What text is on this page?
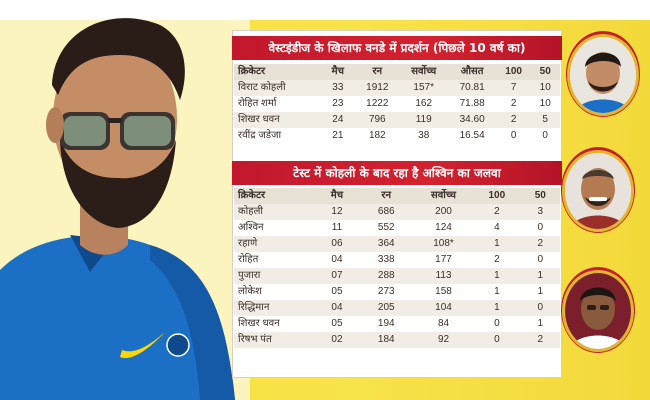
वेस्टइंडीज के खिलाफ वनडे में प्रदर्शन (पिछले 10 वर्ष का)
क्रिकेटर	मैच	रन	सर्वोच्च	औसत	100	50
विराट कोहली	33	1912	157*	70.81	7	10
रोहित शर्मा	23	1222	162	71.88	2	10
शिखर धवन	24	796	119	34.60	2	5
रवींद्र जडेजा	21	182	38	16.54	0	0
टेस्ट में कोहली के बाद रहा है अश्विन का जलवा
क्रिकेटर	मैच	रन	सर्वोच्च	100	50
कोहली	12	686	200	2	3
अश्विन	11	552	124	4	0
रहाणे	06	364	108*	1	2
रोहित	04	338	177	2	0
पुजारा	07	288	113	1	1
लोकेश	05	273	158	1	1
रिद्धिमान	04	205	104	1	0
शिखर धवन	05	194	84	0	1
रिषभ पंत	02	184	92	0	2
